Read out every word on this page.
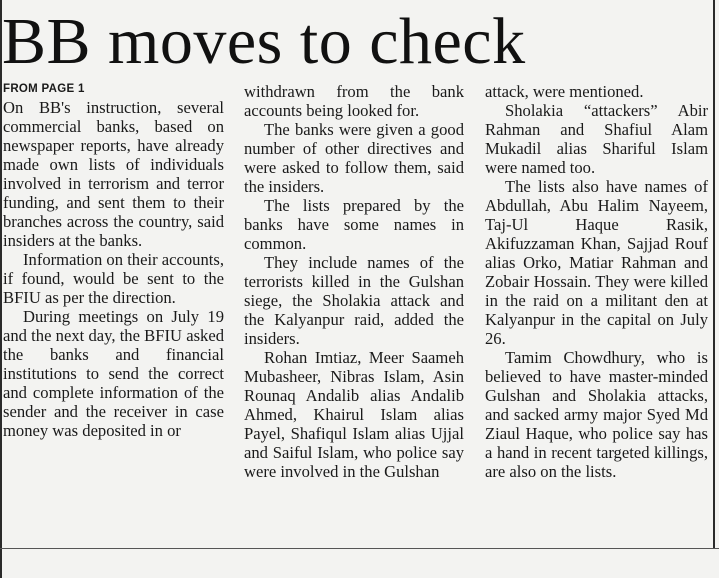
BB moves to check
FROM PAGE 1

On BB's instruction, several commercial banks, based on newspaper reports, have already made own lists of individuals involved in terrorism and terror funding, and sent them to their branches across the country, said insiders at the banks.

Information on their accounts, if found, would be sent to the BFIU as per the direction.

During meetings on July 19 and the next day, the BFIU asked the banks and financial institutions to send the correct and complete information of the sender and the receiver in case money was deposited in or

withdrawn from the bank accounts being looked for.

The banks were given a good number of other directives and were asked to follow them, said the insiders.

The lists prepared by the banks have some names in common.

They include names of the terrorists killed in the Gulshan siege, the Sholakia attack and the Kalyanpur raid, added the insiders.

Rohan Imtiaz, Meer Saameh Mubasheer, Nibras Islam, Asin Rounaq Andalib alias Andalib Ahmed, Khairul Islam alias Payel, Shafiqul Islam alias Ujjal and Saiful Islam, who police say were involved in the Gulshan

attack, were mentioned.

Sholakia “attackers” Abir Rahman and Shafiul Alam Mukadil alias Shariful Islam were named too.

The lists also have names of Abdullah, Abu Halim Nayeem, Taj-Ul Haque Rasik, Akifuzzaman Khan, Sajjad Rouf alias Orko, Matiar Rahman and Zobair Hossain. They were killed in the raid on a militant den at Kalyanpur in the capital on July 26.

Tamim Chowdhury, who is believed to have master-minded Gulshan and Sholakia attacks, and sacked army major Syed Md Ziaul Haque, who police say has a hand in recent targeted killings, are also on the lists.
